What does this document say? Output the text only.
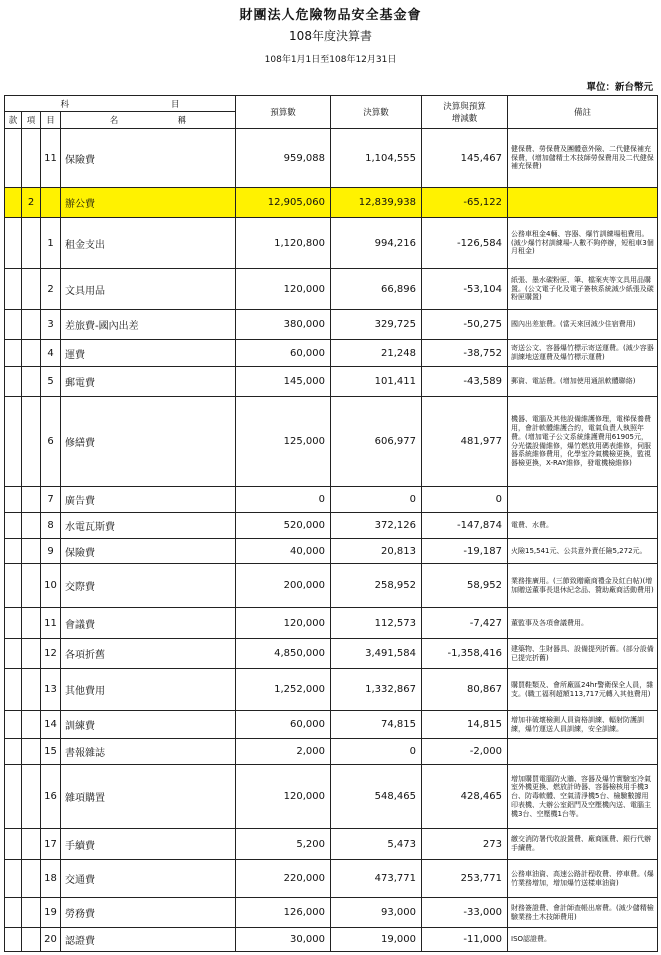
財團法人危險物品安全基金會
108年度決算書
108年1月1日至108年12月31日
單位：新台幣元
科　　　　　　　　　　　　目				預算數	決算數	決算與預算
增減數	備註
款	項	目	名　　　　　　　稱				
		11	保險費	959,088	1,104,555	145,467	健保費、勞保費及團體意外險、二代健保補充保費，(增加儲精土木技師勞保費用及二代健保補充保費)
	2		辦公費	12,905,060	12,839,938	-65,122	
		1	租金支出	1,120,800	994,216	-126,584	公務車租金4輛、容器、爆竹訓練場租費用。(減少爆竹材訓練場-人數不夠停辦，短租車3個月租金)
		2	文具用品	120,000	66,896	-53,104	紙張、墨水碳粉匣、筆、檔案夾等文具用品購置。(公文電子化及電子簽核系統減少紙張及碳粉匣購置)
		3	差旅費-國內出差	380,000	329,725	-50,275	國內出差旅費。(當天來回減少住宿費用)
		4	運費	60,000	21,248	-38,752	寄送公文、容器爆竹標示寄送運費。(減少容器訓練地送運費及爆竹標示運費)
		5	郵電費	145,000	101,411	-43,589	郵資、電話費。(增加使用通訊軟體聯絡)
		6	修繕費	125,000	606,977	481,977	機器、電腦及其他設備維護修理，電梯保養費用，會計軟體維護合約，電氣負責人執照年費。(增加電子公文系統維護費用61905元，分光儀設備維修，爆竹燃放用碼表維修，伺服器系統維修費用，化學室冷氣機檢更換，監視器檢更換，X-RAY維修，發電機檢維修)
		7	廣告費	0	0	0	
		8	水電瓦斯費	520,000	372,126	-147,874	電費、水費。
		9	保險費	40,000	20,813	-19,187	火險15,541元、公共意外責任險5,272元。
		10	交際費	200,000	258,952	58,952	業務推廣用。(三節致贈廠商禮金及紅白帖)(增加贈送董事長退休紀念品、贊助廠商活動費用)
		11	會議費	120,000	112,573	-7,427	董監事及各項會議費用。
		12	各項折舊	4,850,000	3,491,584	-1,358,416	建築物、生財器具、設備提列折舊。(部分設備已提完折舊)
		13	其他費用	1,252,000	1,332,867	80,867	購買鞋類及、會所廠區24hr警衛保全人員，雜支。(職工福利超額113,717元轉入其他費用)
		14	訓練費	60,000	74,815	14,815	增加非破壞檢測人員資格訓練、輻射防護訓練，爆竹運送人員訓練，安全訓練。
		15	書報雜誌	2,000	0	-2,000	
		16	雜項購置	120,000	548,465	428,465	增加購買電腦防火牆、容器及爆竹實驗室冷氣室外機更換、燃放計時器、容器檢核用手機3台、防毒軟體、空氣清淨機5台、檢驗數據用印表機、大辦公室鋁門及空壓機內送、電腦主機3台、空壓機1台等。
		17	手續費	5,200	5,473	273	繳交消防署代收設置費、廠商匯費、銀行代辦手續費。
		18	交通費	220,000	473,771	253,771	公務車油資、高速公路計程收費、停車費。(爆竹業務增加，增加爆竹送樣車油資)
		19	勞務費	126,000	93,000	-33,000	財務簽證費、會計師查帳出席費。(減少儲精檢驗業務土木技師費用)
		20	認證費	30,000	19,000	-11,000	ISO認證費。
